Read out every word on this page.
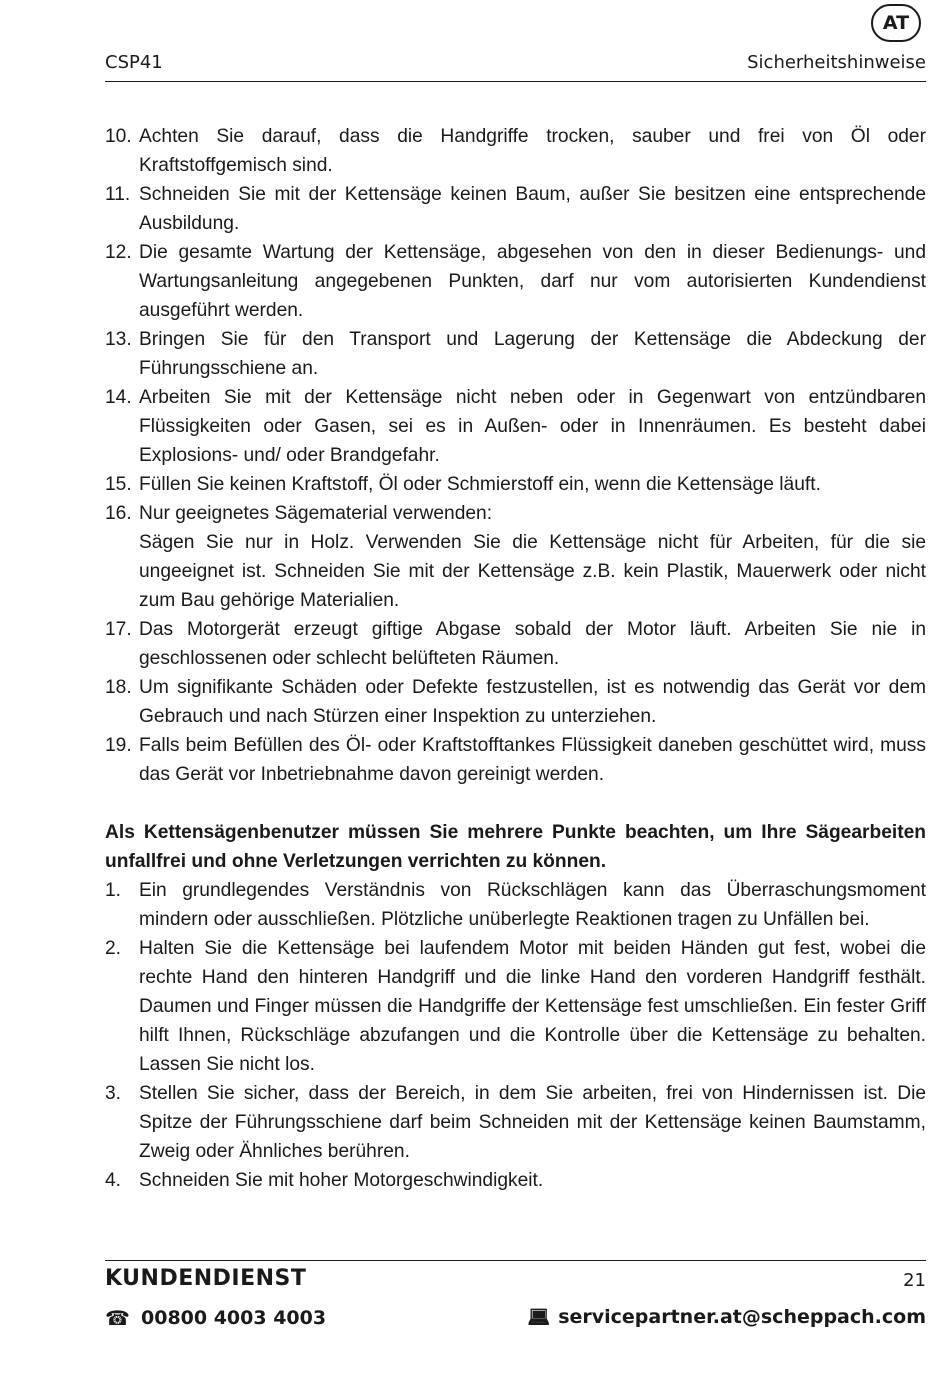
AT
CSP41	Sicherheitshinweise
10. Achten Sie darauf, dass die Handgriffe trocken, sauber und frei von Öl oder Kraftstoffgemisch sind.
11. Schneiden Sie mit der Kettensäge keinen Baum, außer Sie besitzen eine entsprechende Ausbildung.
12. Die gesamte Wartung der Kettensäge, abgesehen von den in dieser Bedienungs- und Wartungsanleitung angegebenen Punkten, darf nur vom autorisierten Kundendienst ausgeführt werden.
13. Bringen Sie für den Transport und Lagerung der Kettensäge die Abdeckung der Führungsschiene an.
14. Arbeiten Sie mit der Kettensäge nicht neben oder in Gegenwart von entzündbaren Flüssigkeiten oder Gasen, sei es in Außen- oder in Innenräumen. Es besteht dabei Explosions- und/ oder Brandgefahr.
15. Füllen Sie keinen Kraftstoff, Öl oder Schmierstoff ein, wenn die Kettensäge läuft.
16. Nur geeignetes Sägematerial verwenden:
Sägen Sie nur in Holz. Verwenden Sie die Kettensäge nicht für Arbeiten, für die sie ungeeignet ist. Schneiden Sie mit der Kettensäge z.B. kein Plastik, Mauerwerk oder nicht zum Bau gehörige Materialien.
17. Das Motorgerät erzeugt giftige Abgase sobald der Motor läuft. Arbeiten Sie nie in geschlossenen oder schlecht belüfteten Räumen.
18. Um signifikante Schäden oder Defekte festzustellen, ist es notwendig das Gerät vor dem Gebrauch und nach Stürzen einer Inspektion zu unterziehen.
19. Falls beim Befüllen des Öl- oder Kraftstofftankes Flüssigkeit daneben geschüttet wird, muss das Gerät vor Inbetriebnahme davon gereinigt werden.
Als Kettensägenbenutzer müssen Sie mehrere Punkte beachten, um Ihre Sägearbeiten unfallfrei und ohne Verletzungen verrichten zu können.
1. Ein grundlegendes Verständnis von Rückschlägen kann das Überraschungsmoment mindern oder ausschließen. Plötzliche unüberlegte Reaktionen tragen zu Unfällen bei.
2. Halten Sie die Kettensäge bei laufendem Motor mit beiden Händen gut fest, wobei die rechte Hand den hinteren Handgriff und die linke Hand den vorderen Handgriff festhält. Daumen und Finger müssen die Handgriffe der Kettensäge fest umschließen. Ein fester Griff hilft Ihnen, Rückschläge abzufangen und die Kontrolle über die Kettensäge zu behalten. Lassen Sie nicht los.
3. Stellen Sie sicher, dass der Bereich, in dem Sie arbeiten, frei von Hindernissen ist. Die Spitze der Führungsschiene darf beim Schneiden mit der Kettensäge keinen Baumstamm, Zweig oder Ähnliches berühren.
4. Schneiden Sie mit hoher Motorgeschwindigkeit.
KUNDENDIENST	21
☎ 00800 4003 4003	💻︎ servicepartner.at@scheppach.com
